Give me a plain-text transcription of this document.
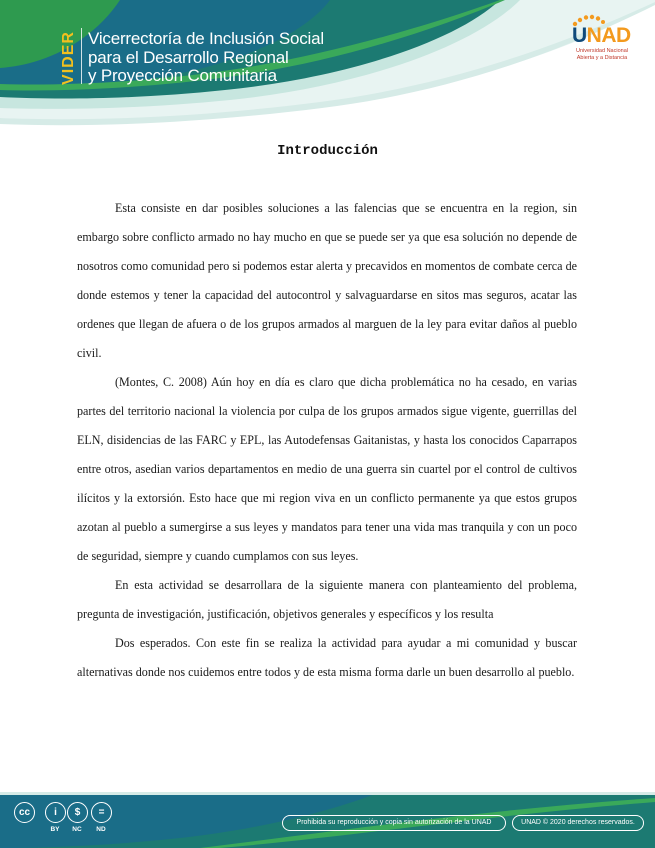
VIDER Vicerrectoría de Inclusión Social
para el Desarrollo Regional
y Proyección Comunitaria
UNAD
Universidad Nacional
Abierta y a Distancia
Introducción

Esta consiste en dar posibles soluciones a las falencias que se encuentra en la region, sin embargo sobre conflicto armado no hay mucho en que se puede ser ya que esa solución no depende de nosotros como comunidad pero si podemos estar alerta y precavidos en momentos de combate cerca de donde estemos y tener la capacidad del autocontrol y salvaguardarse en sitos mas seguros, acatar las ordenes que llegan de afuera o de los grupos armados al marguen de la ley para evitar daños al pueblo civil.

(Montes, C. 2008) Aún hoy en día es claro que dicha problemática no ha cesado, en varias partes del territorio nacional la violencia por culpa de los grupos armados sigue vigente, guerrillas del ELN, disidencias de las FARC y EPL, las Autodefensas Gaitanistas, y hasta los conocidos Caparrapos entre otros, asedian varios departamentos en medio de una guerra sin cuartel por el control de cultivos ilícitos y la extorsión. Esto hace que mi region viva en un conflicto permanente ya que estos grupos azotan al pueblo a sumergirse a sus leyes y mandatos para tener una vida mas tranquila y con un poco de seguridad, siempre y cuando cumplamos con sus leyes.

En esta actividad se desarrollara de la siguiente manera con planteamiento del problema, pregunta de investigación, justificación, objetivos generales y específicos y los resulta

Dos esperados. Con este fin se realiza la actividad para ayudar a mi comunidad y buscar alternativas donde nos cuidemos entre todos y de esta misma forma darle un buen desarrollo al pueblo.

cc	i
BY
$
NC
=
ND
Prohibida su reproducción y copia sin autorización de la UNAD	UNAD © 2020 derechos reservados.
